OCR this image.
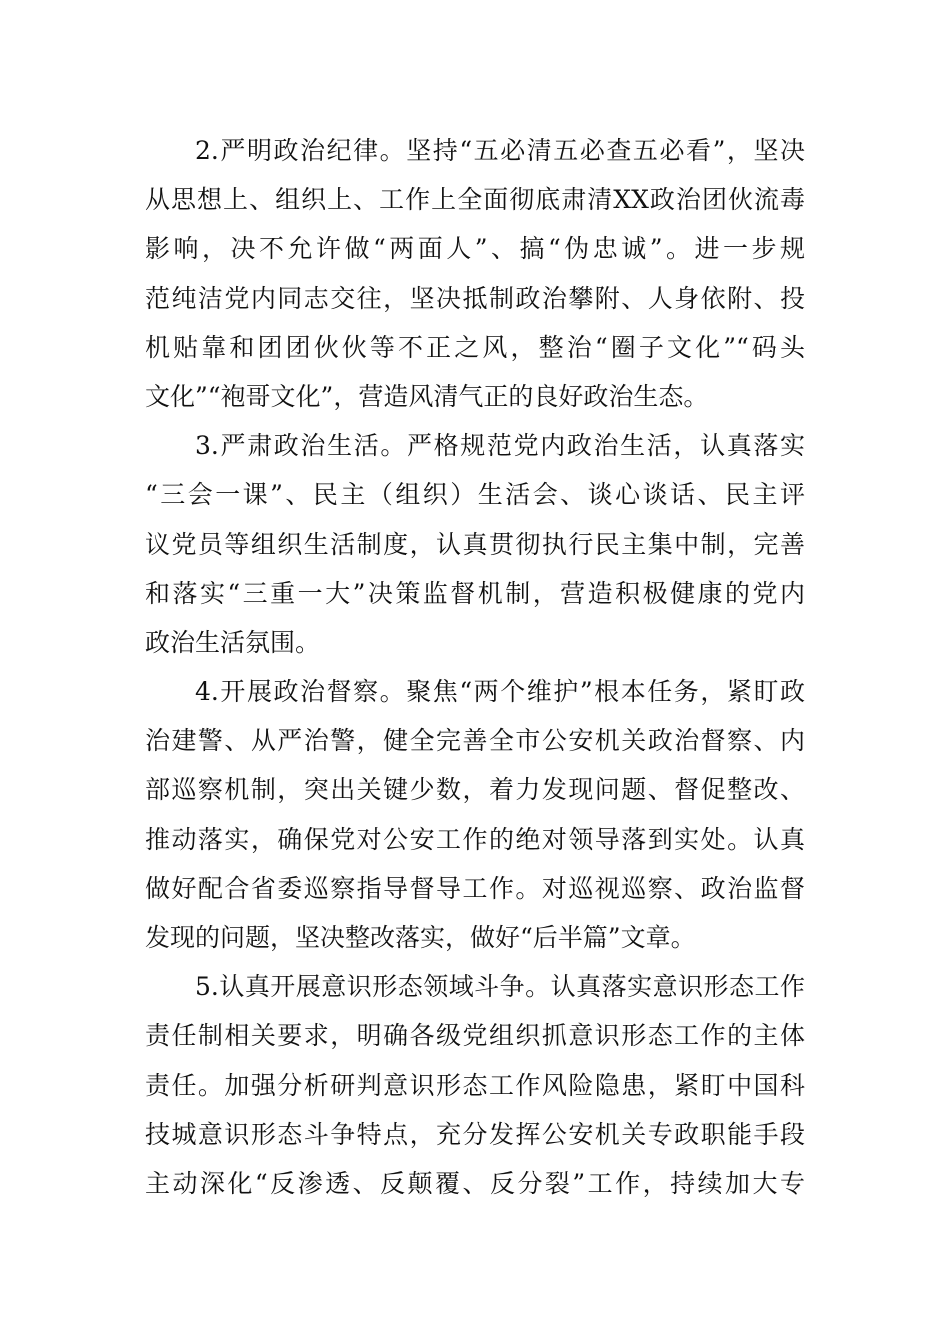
2.严明政治纪律。坚持“五必清五必查五必看”，坚决
从思想上、组织上、工作上全面彻底肃清XX政治团伙流毒
影响，决不允许做“两面人”、搞“伪忠诚”。进一步规
范纯洁党内同志交往，坚决抵制政治攀附、人身依附、投
机贴靠和团团伙伙等不正之风，整治“圈子文化”“码头
文化”“袍哥文化”，营造风清气正的良好政治生态。
3.严肃政治生活。严格规范党内政治生活，认真落实
“三会一课”、民主（组织）生活会、谈心谈话、民主评
议党员等组织生活制度，认真贯彻执行民主集中制，完善
和落实“三重一大”决策监督机制，营造积极健康的党内
政治生活氛围。
4.开展政治督察。聚焦“两个维护”根本任务，紧盯政
治建警、从严治警，健全完善全市公安机关政治督察、内
部巡察机制，突出关键少数，着力发现问题、督促整改、
推动落实，确保党对公安工作的绝对领导落到实处。认真
做好配合省委巡察指导督导工作。对巡视巡察、政治监督
发现的问题，坚决整改落实，做好“后半篇”文章。
5.认真开展意识形态领域斗争。认真落实意识形态工作
责任制相关要求，明确各级党组织抓意识形态工作的主体
责任。加强分析研判意识形态工作风险隐患，紧盯中国科
技城意识形态斗争特点，充分发挥公安机关专政职能手段
主动深化“反渗透、反颠覆、反分裂”工作，持续加大专
